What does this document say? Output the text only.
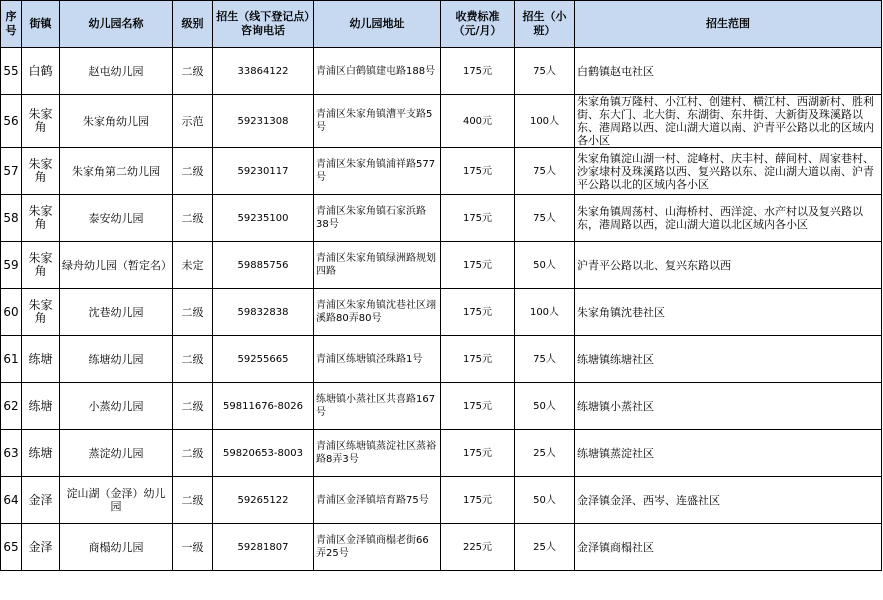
序号	街镇	幼儿园名称	级别	招生（线下登记点）咨询电话	幼儿园地址	收费标准（元/月）	招生（小班）	招生范围
55	白鹤	赵屯幼儿园	二级	33864122	青浦区白鹤镇建屯路188号	175元	75人	白鹤镇赵屯社区
56	朱家角	朱家角幼儿园	示范	59231308	青浦区朱家角镇漕平支路5号	400元	100人	朱家角镇万隆村、小江村、创建村、横江村、西湖新村、胜利街、东大门、北大街、东湖街、东井街、大新街及珠溪路以东、港周路以西、淀山湖大道以南、沪青平公路以北的区域内各小区
57	朱家角	朱家角第二幼儿园	二级	59230117	青浦区朱家角镇浦祥路577号	175元	75人	朱家角镇淀山湖一村、淀峰村、庆丰村、薛间村、周家巷村、沙家埭村及珠溪路以西、复兴路以东、淀山湖大道以南、沪青平公路以北的区域内各小区
58	朱家角	泰安幼儿园	二级	59235100	青浦区朱家角镇石家浜路38号	175元	75人	朱家角镇周荡村、山海桥村、西洋淀、水产村以及复兴路以东，港周路以西，淀山湖大道以北区域内各小区
59	朱家角	绿舟幼儿园（暂定名）	未定	59885756	青浦区朱家角镇绿洲路规划四路	175元	50人	沪青平公路以北、复兴东路以西
60	朱家角	沈巷幼儿园	二级	59832838	青浦区朱家角镇沈巷社区翊溪路80弄80号	175元	100人	朱家角镇沈巷社区
61	练塘	练塘幼儿园	二级	59255665	青浦区练塘镇泾珠路1号	175元	75人	练塘镇练塘社区
62	练塘	小蒸幼儿园	二级	59811676-8026	练塘镇小蒸社区共喜路167号	175元	50人	练塘镇小蒸社区
63	练塘	蒸淀幼儿园	二级	59820653-8003	青浦区练塘镇蒸淀社区蒸裕路8弄3号	175元	25人	练塘镇蒸淀社区
64	金泽	淀山湖（金泽）幼儿园	二级	59265122	青浦区金泽镇培育路75号	175元	50人	金泽镇金泽、西岑、连盛社区
65	金泽	商榻幼儿园	一级	59281807	青浦区金泽镇商榻老街66弄25号	225元	25人	金泽镇商榻社区
